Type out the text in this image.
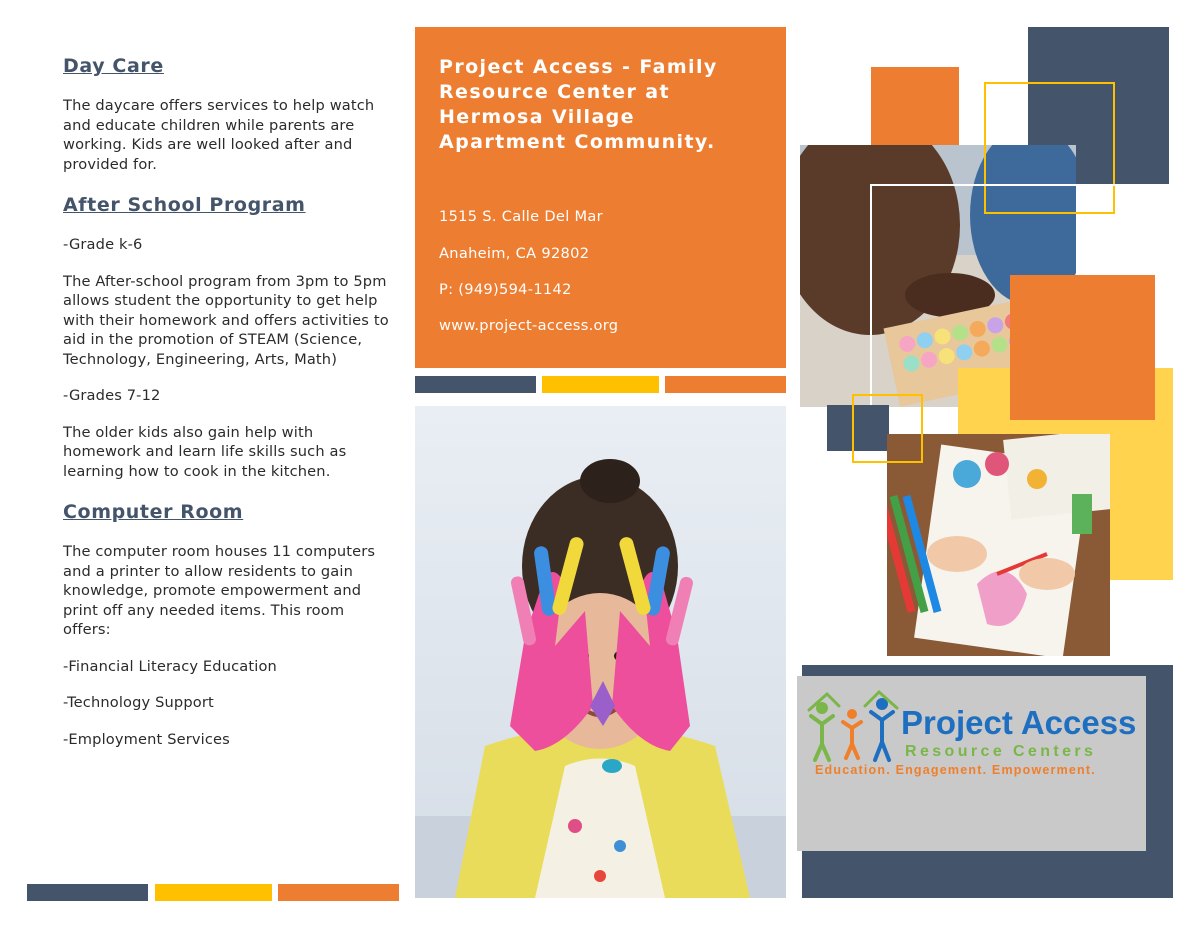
Day Care

The daycare offers services to help watch and educate children while parents are working. Kids are well looked after and provided for.

After School Program

-Grade k-6

The After-school program from 3pm to 5pm allows student the opportunity to get help with their homework and offers activities to aid in the promotion of STEAM (Science, Technology, Engineering, Arts, Math)

-Grades 7-12

The older kids also gain help with homework and learn life skills such as learning how to cook in the kitchen.

Computer Room

The computer room houses 11 computers and a printer to allow residents to gain knowledge, promote empowerment and print off any needed items. This room offers:

-Financial Literacy Education

-Technology Support

-Employment Services

Project Access - Family Resource Center at Hermosa Village Apartment Community.
1515 S. Calle Del Mar
Anaheim, CA 92802
P: (949)594-1142
www.project-access.org
Project Access
Resource Centers
Education. Engagement. Empowerment.
